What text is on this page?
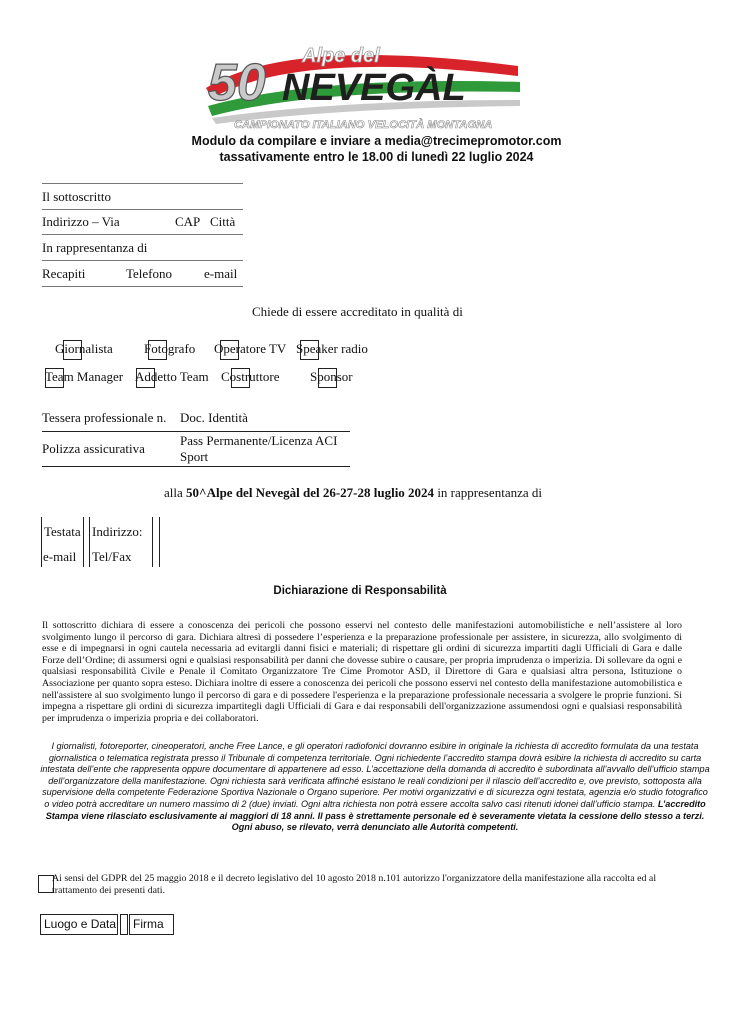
50 Alpe del
NEVEGÀL
CAMPIONATO ITALIANO VELOCITÀ MONTAGNA
Modulo da compilare e inviare a media@trecimepromotor.com
tassativamente entro le 18.00 di lunedì 22 luglio 2024
Il sottoscritto
Indirizzo – Via	CAP Città
In rappresentanza di
Recapiti	Telefono e-mail
Chiede di essere accreditato in qualità di
Giornalista Fotografo Operatore TV Speaker radio
Team Manager Addetto Team Costruttore Sponsor
Tessera professionale n. Doc. Identità
Polizza assicurativa
Pass Permanente/Licenza ACI
Sport
alla 50^Alpe del Nevegàl del 26-27-28 luglio 2024 in rappresentanza di
Testata Indirizzo:
e-mail Tel/Fax
Dichiarazione di Responsabilità
Il sottoscritto dichiara di essere a conoscenza dei pericoli che possono esservi nel contesto delle manifestazioni automobilistiche e nell’assistere al loro svolgimento lungo il percorso di gara. Dichiara altresì di possedere l’esperienza e la preparazione professionale per assistere, in sicurezza, allo svolgimento di esse e di impegnarsi in ogni cautela necessaria ad evitargli danni fisici e materiali; di rispettare gli ordini di sicurezza impartiti dagli Ufficiali di Gara e dalle Forze dell’Ordine; di assumersi ogni e qualsiasi responsabilità per danni che dovesse subire o causare, per propria imprudenza o imperizia. Di sollevare da ogni e qualsiasi responsabilità Civile e Penale il Comitato Organizzatore Tre Cime Promotor ASD, il Direttore di Gara e qualsiasi altra persona, Istituzione o Associazione per quanto sopra esteso. Dichiara inoltre di essere a conoscenza dei pericoli che possono esservi nel contesto della manifestazione automobilistica e nell'assistere al suo svolgimento lungo il percorso di gara e di possedere l'esperienza e la preparazione professionale necessaria a svolgere le proprie funzioni. Si impegna a rispettare gli ordini di sicurezza impartitegli dagli Ufficiali di Gara e dai responsabili dell'organizzazione assumendosi ogni e qualsiasi responsabilità per imprudenza o imperizia propria e dei collaboratori.
I giornalisti, fotoreporter, cineoperatori, anche Free Lance, e gli operatori radiofonici dovranno esibire in originale la richiesta di accredito formulata da una testata giornalistica o telematica registrata presso il Tribunale di competenza territoriale. Ogni richiedente l’accredito stampa dovrà esibire la richiesta di accredito su carta intestata dell’ente che rappresenta oppure documentare di appartenere ad esso. L’accettazione della domanda di accredito è subordinata all’avvallo dell’ufficio stampa dell’organizzatore della manifestazione. Ogni richiesta sarà verificata affinché esistano le reali condizioni per il rilascio dell’accredito e, ove previsto, sottoposta alla supervisione della competente Federazione Sportiva Nazionale o Organo superiore. Per motivi organizzativi e di sicurezza ogni testata, agenzia e/o studio fotografico o video potrà accreditare un numero massimo di 2 (due) inviati. Ogni altra richiesta non potrà essere accolta salvo casi ritenuti idonei dall’ufficio stampa. L’accredito Stampa viene rilasciato esclusivamente ai maggiori di 18 anni. Il pass è strettamente personale ed è severamente vietata la cessione dello stesso a terzi. Ogni abuso, se rilevato, verrà denunciato alle Autorità competenti.
Ai sensi del GDPR del 25 maggio 2018 e il decreto legislativo del 10 agosto 2018 n.101 autorizzo l'organizzatore della manifestazione alla raccolta ed al trattamento dei presenti dati.
Luogo e Data Firma
